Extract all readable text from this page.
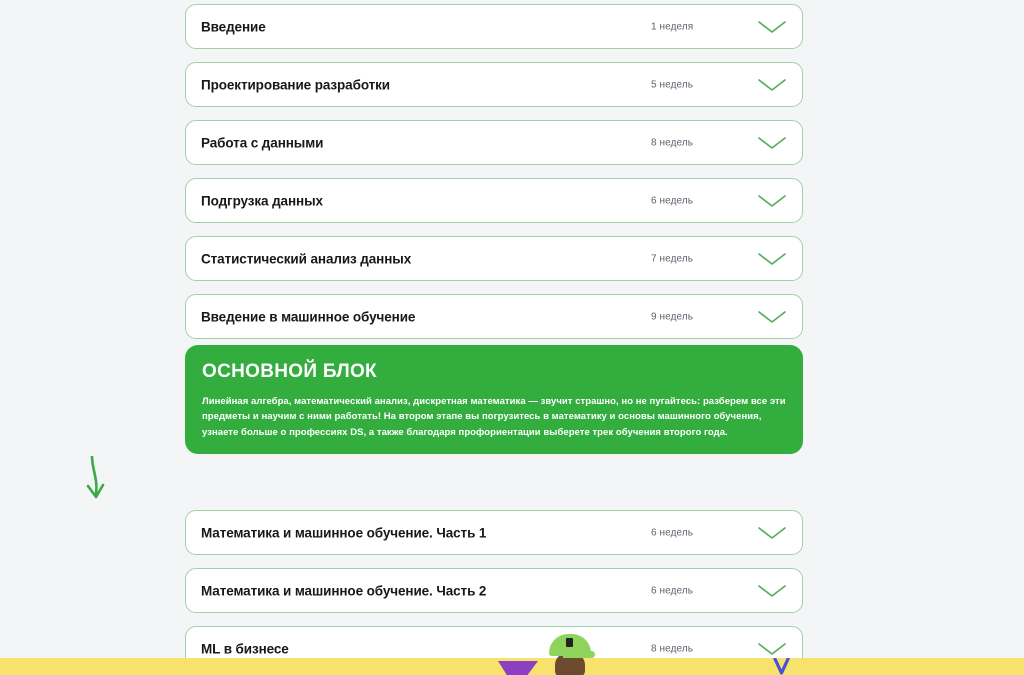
Введение	1 неделя
Проектирование разработки	5 недель
Работа с данными	8 недель
Подгрузка данных	6 недель
Статистический анализ данных	7 недель
Введение в машинное обучение	9 недель
ОСНОВНОЙ БЛОК
Линейная алгебра, математический анализ, дискретная математика — звучит страшно, но не пугайтесь: разберем все эти предметы и научим с ними работать! На втором этапе вы погрузитесь в математику и основы машинного обучения, узнаете больше о профессиях DS, а также благодаря профориентации выберете трек обучения второго года.
Математика и машинное обучение. Часть 1	6 недель
Математика и машинное обучение. Часть 2	6 недель
ML в бизнесе	8 недель
